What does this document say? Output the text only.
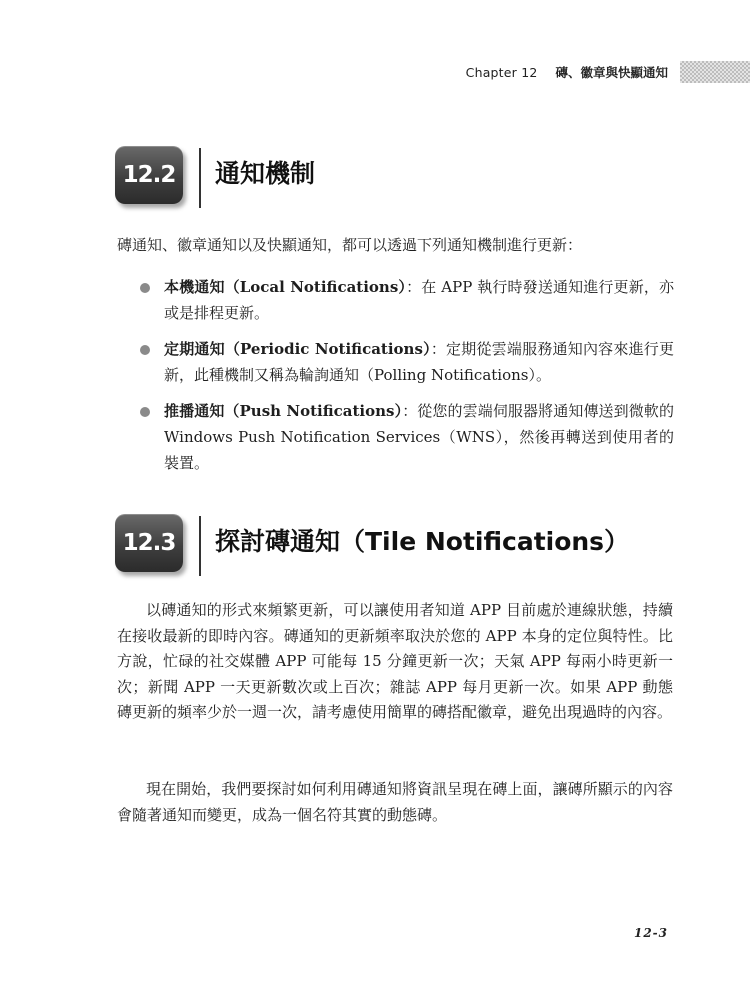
Chapter 12 磚、徽章與快顯通知
12.2	通知機制

磚通知、徽章通知以及快顯通知，都可以透過下列通知機制進行更新：

本機通知（Local Notifications）：在 APP 執行時發送通知進行更新，亦或是排程更新。
定期通知（Periodic Notifications）：定期從雲端服務通知內容來進行更新，此種機制又稱為輪詢通知（Polling Notifications）。
推播通知（Push Notifications）：從您的雲端伺服器將通知傳送到微軟的 Windows Push Notification Services（WNS），然後再轉送到使用者的裝置。
12.3	探討磚通知（Tile Notifications）

以磚通知的形式來頻繁更新，可以讓使用者知道 APP 目前處於連線狀態，持續在接收最新的即時內容。磚通知的更新頻率取決於您的 APP 本身的定位與特性。比方說，忙碌的社交媒體 APP 可能每 15 分鐘更新一次；天氣 APP 每兩小時更新一次；新聞 APP 一天更新數次或上百次；雜誌 APP 每月更新一次。如果 APP 動態磚更新的頻率少於一週一次，請考慮使用簡單的磚搭配徽章，避免出現過時的內容。

現在開始，我們要探討如何利用磚通知將資訊呈現在磚上面，讓磚所顯示的內容會隨著通知而變更，成為一個名符其實的動態磚。

12-3
